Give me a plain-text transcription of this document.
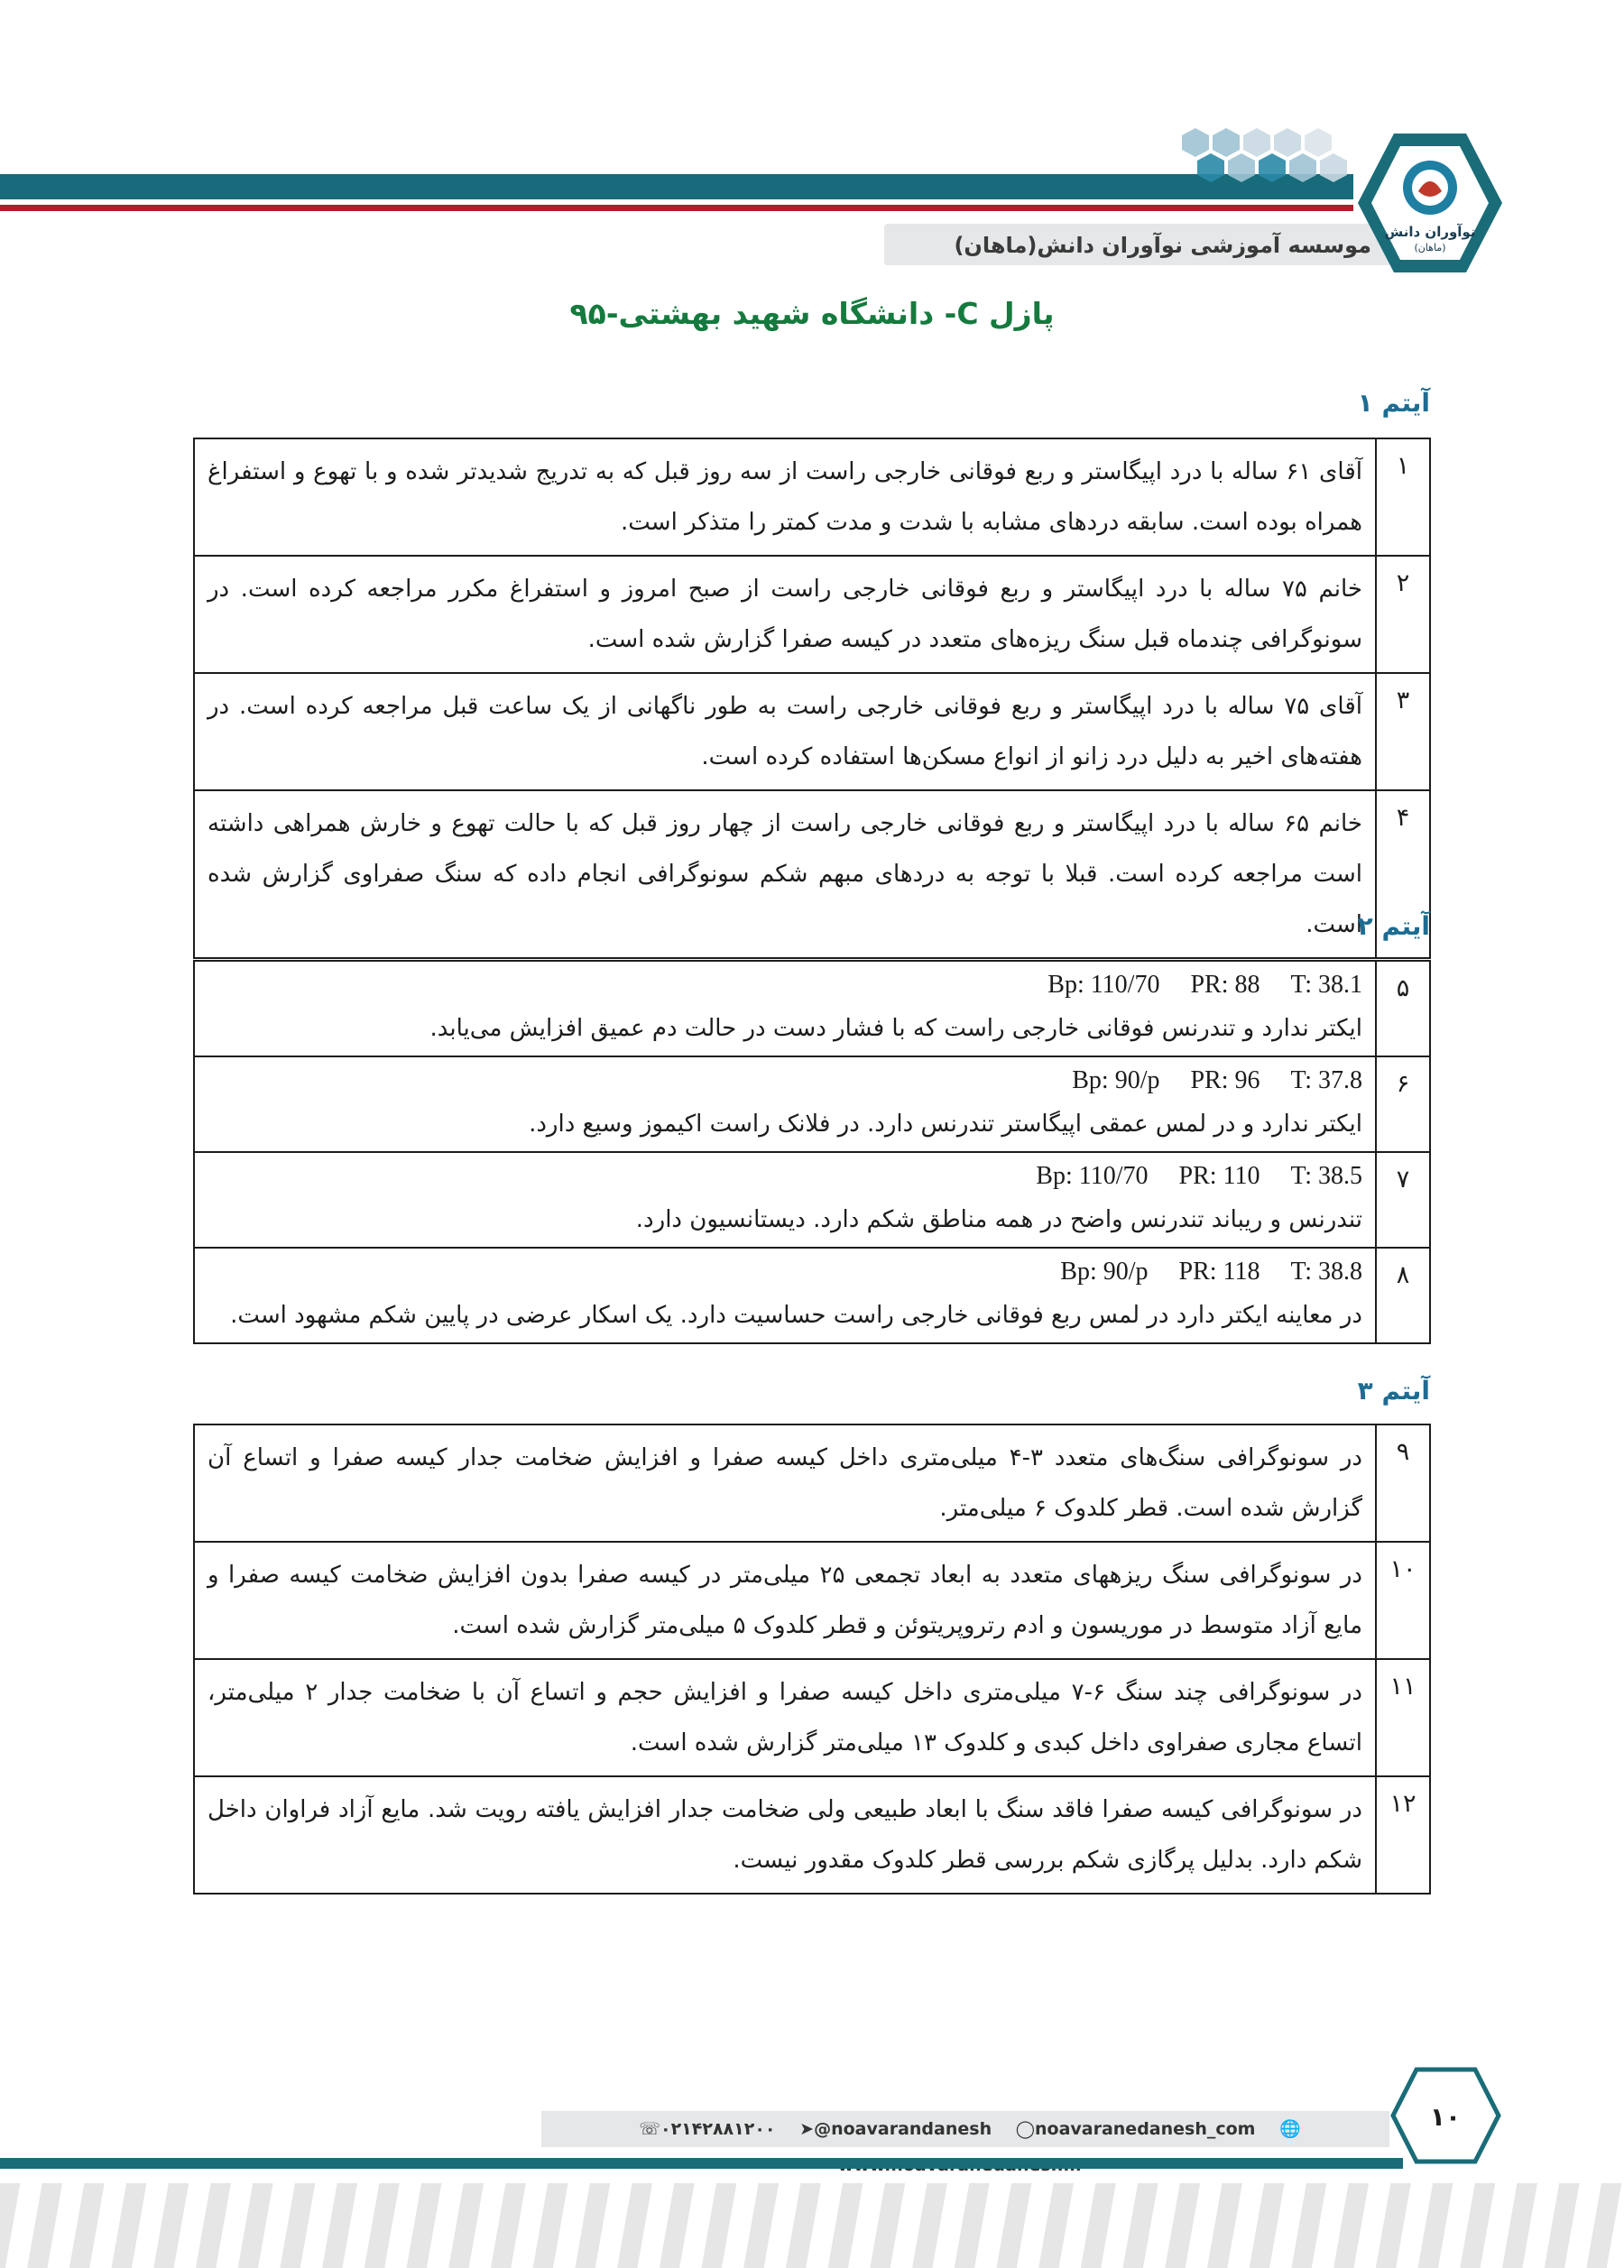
موسسه آموزشی نوآوران دانش(ماهان)
نوآوران دانش
(ماهان)
پازل C- دانشگاه شهید بهشتی-۹۵
آیتم ۱
۱	آقای ۶۱ ساله با درد اپیگاستر و ربع فوقانی خارجی راست از سه روز قبل که به تدریج شدیدتر شده و با تهوع و استفراغ همراه بوده است. سابقه دردهای مشابه با شدت و مدت کمتر را متذکر است.
۲	خانم ۷۵ ساله با درد اپیگاستر و ربع فوقانی خارجی راست از صبح امروز و استفراغ مکرر مراجعه کرده است. در سونوگرافی چندماه قبل سنگ ریزه‌های متعدد در کیسه صفرا گزارش شده است.
۳	آقای ۷۵ ساله با درد اپیگاستر و ربع فوقانی خارجی راست به طور ناگهانی از یک ساعت قبل مراجعه کرده است. در هفته‌های اخیر به دلیل درد زانو از انواع مسکن‌ها استفاده کرده است.
۴	خانم ۶۵ ساله با درد اپیگاستر و ربع فوقانی خارجی راست از چهار روز قبل که با حالت تهوع و خارش همراهی داشته است مراجعه کرده است. قبلا با توجه به دردهای مبهم شکم سونوگرافی انجام داده که سنگ صفراوی گزارش شده است.
آیتم ۲
۵	Bp: 110/70 PR: 88 T: 38.1
ایکتر ندارد و تندرنس فوقانی خارجی راست که با فشار دست در حالت دم عمیق افزایش می‌یابد.

۶	Bp: 90/p PR: 96 T: 37.8
ایکتر ندارد و در لمس عمقی اپیگاستر تندرنس دارد. در فلانک راست اکیموز وسیع دارد.

۷	Bp: 110/70 PR: 110 T: 38.5
تندرنس و ریباند تندرنس واضح در همه مناطق شکم دارد. دیستانسیون دارد.

۸	Bp: 90/p PR: 118 T: 38.8
در معاینه ایکتر دارد در لمس ربع فوقانی خارجی راست حساسیت دارد. یک اسکار عرضی در پایین شکم مشهود است.
آیتم ۳
۹	در سونوگرافی سنگ‌های متعدد ۳-۴ میلی‌متری داخل کیسه صفرا و افزایش ضخامت جدار کیسه صفرا و اتساع آن گزارش شده است. قطر کلدوک ۶ میلی‌متر.
۱۰	در سونوگرافی سنگ ریزههای متعدد به ابعاد تجمعی ۲۵ میلی‌متر در کیسه صفرا بدون افزایش ضخامت کیسه صفرا و مایع آزاد متوسط در موریسون و ادم رتروپریتوئن و قطر کلدوک ۵ میلی‌متر گزارش شده است.
۱۱	در سونوگرافی چند سنگ ۶-۷ میلی‌متری داخل کیسه صفرا و افزایش حجم و اتساع آن با ضخامت جدار ۲ میلی‌متر، اتساع مجاری صفراوی داخل کبدی و کلدوک ۱۳ میلی‌متر گزارش شده است.
۱۲	در سونوگرافی کیسه صفرا فاقد سنگ با ابعاد طبیعی ولی ضخامت جدار افزایش یافته رویت شد. مایع آزاد فراوان داخل شکم دارد. بدلیل پرگازی شکم بررسی قطر کلدوک مقدور نیست.
☏۰۲۱۴۲۸۸۱۲۰۰ ➤@noavarandanesh ◯noavaranedanesh_com 🌐	۱۰
